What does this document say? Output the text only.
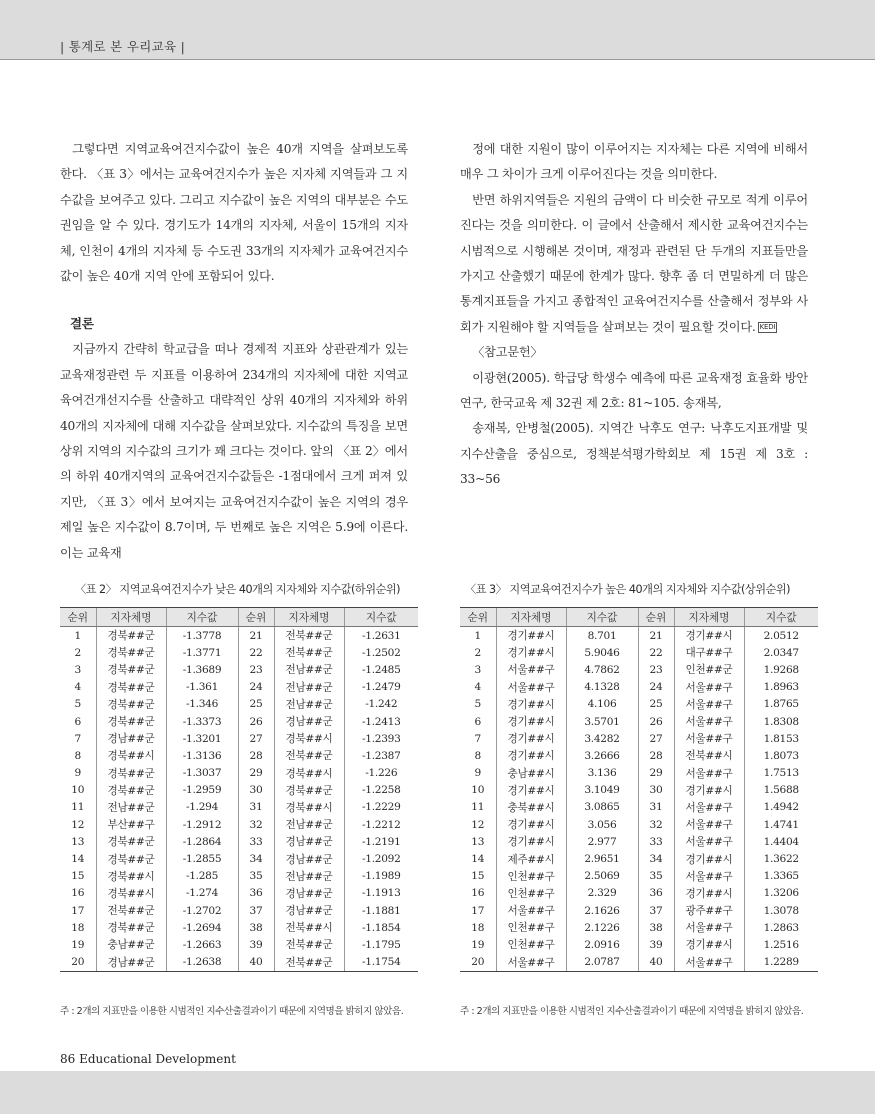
| 통계로 본 우리교육 |

그렇다면 지역교육여건지수값이 높은 40개 지역을 살펴보도록 한다. 〈표 3〉에서는 교육여건지수가 높은 지자체 지역들과 그 지수값을 보여주고 있다. 그리고 지수값이 높은 지역의 대부분은 수도권임을 알 수 있다. 경기도가 14개의 지자체, 서울이 15개의 지자체, 인천이 4개의 지자체 등 수도권 33개의 지자체가 교육여건지수값이 높은 40개 지역 안에 포함되어 있다.

결론

지금까지 간략히 학교급을 떠나 경제적 지표와 상관관계가 있는 교육재정관련 두 지표를 이용하여 234개의 지자체에 대한 지역교육여건개선지수를 산출하고 대략적인 상위 40개의 지자체와 하위 40개의 지자체에 대해 지수값을 살펴보았다. 지수값의 특징을 보면 상위 지역의 지수값의 크기가 꽤 크다는 것이다. 앞의 〈표 2〉에서의 하위 40개지역의 교육여건지수값들은 -1점대에서 크게 퍼져 있지만, 〈표 3〉에서 보여지는 교육여건지수값이 높은 지역의 경우 제일 높은 지수값이 8.7이며, 두 번째로 높은 지역은 5.9에 이른다. 이는 교육재

정에 대한 지원이 많이 이루어지는 지자체는 다른 지역에 비해서 매우 그 차이가 크게 이루어진다는 것을 의미한다.

반면 하위지역들은 지원의 금액이 다 비슷한 규모로 적게 이루어진다는 것을 의미한다. 이 글에서 산출해서 제시한 교육여건지수는 시범적으로 시행해본 것이며, 재정과 관련된 단 두개의 지표들만을 가지고 산출했기 때문에 한계가 많다. 향후 좀 더 면밀하게 더 많은 통계지표들을 가지고 종합적인 교육여건지수를 산출해서 정부와 사회가 지원해야 할 지역들을 살펴보는 것이 필요할 것이다. KEDI

〈참고문헌〉

이광현(2005). 학급당 학생수 예측에 따른 교육재정 효율화 방안 연구, 한국교육 제 32권 제 2호: 81~105. 송재복,

송재복, 안병철(2005). 지역간 낙후도 연구: 낙후도지표개발 및 지수산출을 중심으로, 정책분석평가학회보 제 15권 제 3호 : 33~56

〈표 2〉 지역교육여건지수가 낮은 40개의 지자체와 지수값(하위순위)
순위	지자체명	지수값	순위	지자체명	지수값
1	경북##군	-1.3778	21	전북##군	-1.2631
2	경북##군	-1.3771	22	전북##군	-1.2502
3	경북##군	-1.3689	23	전남##군	-1.2485
4	경북##군	-1.361	24	전남##군	-1.2479
5	경북##군	-1.346	25	전남##군	-1.242
6	경북##군	-1.3373	26	경남##군	-1.2413
7	경남##군	-1.3201	27	경북##시	-1.2393
8	경북##시	-1.3136	28	전북##군	-1.2387
9	경북##군	-1.3037	29	경북##시	-1.226
10	경북##군	-1.2959	30	경북##군	-1.2258
11	전남##군	-1.294	31	경북##시	-1.2229
12	부산##구	-1.2912	32	전남##군	-1.2212
13	경북##군	-1.2864	33	경남##군	-1.2191
14	경북##군	-1.2855	34	경남##군	-1.2092
15	경북##시	-1.285	35	전남##군	-1.1989
16	경북##시	-1.274	36	경남##군	-1.1913
17	전북##군	-1.2702	37	경남##군	-1.1881
18	경북##군	-1.2694	38	전북##시	-1.1854
19	충남##군	-1.2663	39	전북##군	-1.1795
20	경남##군	-1.2638	40	전북##군	-1.1754
주 : 2개의 지표만을 이용한 시범적인 지수산출결과이기 때문에 지역명을 밝히지 않았음.
〈표 3〉 지역교육여건지수가 높은 40개의 지자체와 지수값(상위순위)
순위	지자체명	지수값	순위	지자체명	지수값
1	경기##시	8.701	21	경기##시	2.0512
2	경기##시	5.9046	22	대구##구	2.0347
3	서울##구	4.7862	23	인천##군	1.9268
4	서울##구	4.1328	24	서울##구	1.8963
5	경기##시	4.106	25	서울##구	1.8765
6	경기##시	3.5701	26	서울##구	1.8308
7	경기##시	3.4282	27	서울##구	1.8153
8	경기##시	3.2666	28	전북##시	1.8073
9	충남##시	3.136	29	서울##구	1.7513
10	경기##시	3.1049	30	경기##시	1.5688
11	충북##시	3.0865	31	서울##구	1.4942
12	경기##시	3.056	32	서울##구	1.4741
13	경기##시	2.977	33	서울##구	1.4404
14	제주##시	2.9651	34	경기##시	1.3622
15	인천##구	2.5069	35	서울##구	1.3365
16	인천##구	2.329	36	경기##시	1.3206
17	서울##구	2.1626	37	광주##구	1.3078
18	인천##구	2.1226	38	서울##구	1.2863
19	인천##구	2.0916	39	경기##시	1.2516
20	서울##구	2.0787	40	서울##구	1.2289
주 : 2개의 지표만을 이용한 시범적인 지수산출결과이기 때문에 지역명을 밝히지 않았음.
86 Educational Development
